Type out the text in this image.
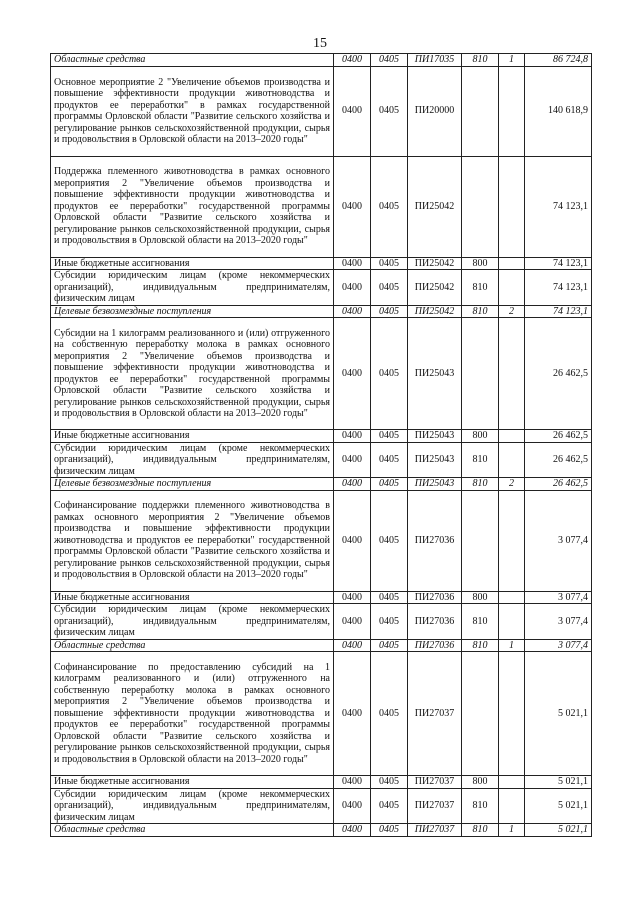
15
Областные средства	0400	0405	ПИ17035	810	1	86 724,8
Основное мероприятие 2 "Увеличение объемов производства и повышение эффективности продукции животноводства и продуктов ее переработки" в рамках государственной программы Орловской области "Развитие сельского хозяйства и регулирование рынков сельскохозяйственной продукции, сырья и продовольствия в Орловской области на 2013–2020 годы"	0400	0405	ПИ20000			140 618,9
Поддержка племенного животноводства в рамках основного мероприятия 2 "Увеличение объемов производства и повышение эффективности продукции животноводства и продуктов ее переработки" государственной программы Орловской области "Развитие сельского хозяйства и регулирование рынков сельскохозяйственной продукции, сырья и продовольствия в Орловской области на 2013–2020 годы"	0400	0405	ПИ25042			74 123,1
Иные бюджетные ассигнования	0400	0405	ПИ25042	800		74 123,1
Субсидии юридическим лицам (кроме некоммерческих организаций), индивидуальным предпринимателям, физическим лицам	0400	0405	ПИ25042	810		74 123,1
Целевые безвозмездные поступления	0400	0405	ПИ25042	810	2	74 123,1
Субсидии на 1 килограмм реализованного и (или) отгруженного на собственную переработку молока в рамках основного мероприятия 2 "Увеличение объемов производства и повышение эффективности продукции животноводства и продуктов ее переработки" государственной программы Орловской области "Развитие сельского хозяйства и регулирование рынков сельскохозяйственной продукции, сырья и продовольствия в Орловской области на 2013–2020 годы"	0400	0405	ПИ25043			26 462,5
Иные бюджетные ассигнования	0400	0405	ПИ25043	800		26 462,5
Субсидии юридическим лицам (кроме некоммерческих организаций), индивидуальным предпринимателям, физическим лицам	0400	0405	ПИ25043	810		26 462,5
Целевые безвозмездные поступления	0400	0405	ПИ25043	810	2	26 462,5
Софинансирование поддержки племенного животноводства в рамках основного мероприятия 2 "Увеличение объемов производства и повышение эффективности продукции животноводства и продуктов ее переработки" государственной программы Орловской области "Развитие сельского хозяйства и регулирование рынков сельскохозяйственной продукции, сырья и продовольствия в Орловской области на 2013–2020 годы"	0400	0405	ПИ27036			3 077,4
Иные бюджетные ассигнования	0400	0405	ПИ27036	800		3 077,4
Субсидии юридическим лицам (кроме некоммерческих организаций), индивидуальным предпринимателям, физическим лицам	0400	0405	ПИ27036	810		3 077,4
Областные средства	0400	0405	ПИ27036	810	1	3 077,4
Софинансирование по предоставлению субсидий на 1 килограмм реализованного и (или) отгруженного на собственную переработку молока в рамках основного мероприятия 2 "Увеличение объемов производства и повышение эффективности продукции животноводства и продуктов ее переработки" государственной программы Орловской области "Развитие сельского хозяйства и регулирование рынков сельскохозяйственной продукции, сырья и продовольствия в Орловской области на 2013–2020 годы"	0400	0405	ПИ27037			5 021,1
Иные бюджетные ассигнования	0400	0405	ПИ27037	800		5 021,1
Субсидии юридическим лицам (кроме некоммерческих организаций), индивидуальным предпринимателям, физическим лицам	0400	0405	ПИ27037	810		5 021,1
Областные средства	0400	0405	ПИ27037	810	1	5 021,1
